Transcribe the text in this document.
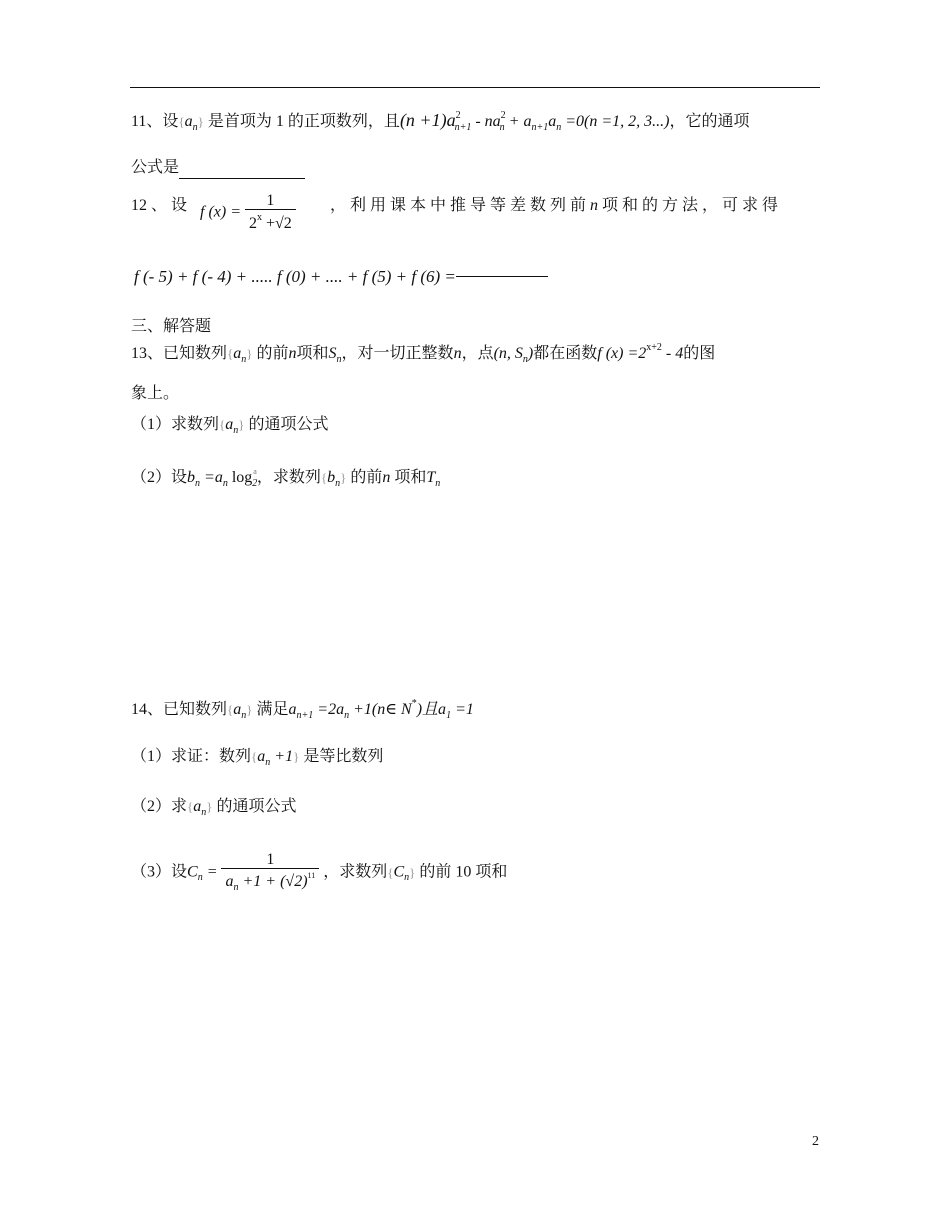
11、设$\{a_n\}$ 是首项为 1 的正项数列，且$(n +1)a^2_{n+1} - na^2_n + a_{n+1}a_n =0(n =1$, 2, 3...)，它的通项
公式是
12 、 设 f $(x) = \frac{1}{2^x +√2}$ ， 利 用 课 本 中 推 导 等 差 数 列 前 n 项 和 的 方 法 ， 可 求 得
f (- 5) + f (- 4) + ..... f (0) + .... + f (5) + f (6) =
三、解答题
13、已知数列$\{a_n\}$ 的前n项和$S_n$，对一切正整数n，点(n, $S_n$)都在函数f $(x) =2^{x+2} - 4$的图
象上。
（1）求数列$\{a_n\}$ 的通项公式
（2）设$b_n =a_n$ $\log_2^a$，求数列$\{b_n\}$ 的前n 项和$T_n$
14、已知数列$\{a_n\}$ 满足$a_{n+1} =2a_n$ +1(n∈ N*)且$a_1 =1$
（1）求证：数列$\{a_n +1\}$ 是等比数列
（2）求$\{a_n\}$ 的通项公式
（3）设$C_n = \frac{1}{a_n +1 + (√2)^{11}}$ ，求数列$\{C_n\}$ 的前 10 项和
2
